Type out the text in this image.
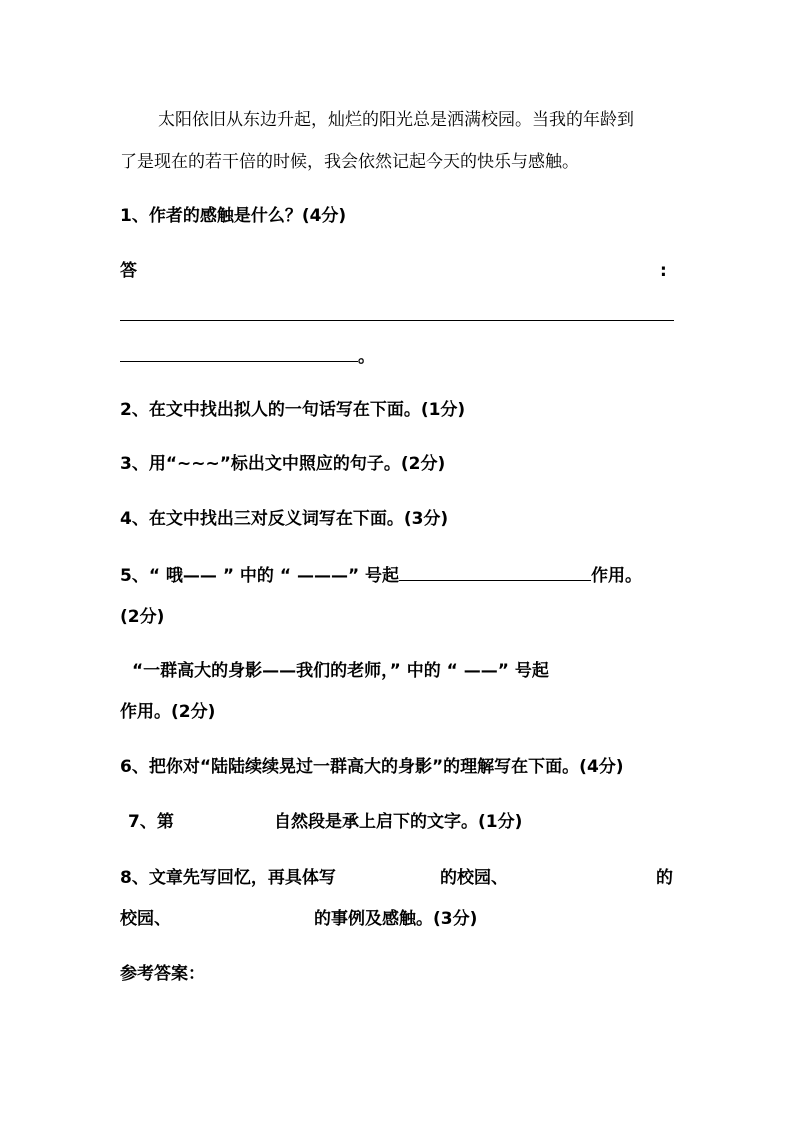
太阳依旧从东边升起，灿烂的阳光总是洒满校园。当我的年龄到
了是现在的若干倍的时候，我会依然记起今天的快乐与感触。
1、作者的感触是什么？(4分)
答	:
。
2、在文中找出拟人的一句话写在下面。(1分)
3、用“~~~”标出文中照应的句子。(2分)
4、在文中找出三对反义词写在下面。(3分)
5、“ 哦—— ” 中的 “ ———” 号起	作用。
(2分)
“一群高大的身影——我们的老师，” 中的 “ ——” 号起
作用。(2分)
6、把你对“陆陆续续晃过一群高大的身影”的理解写在下面。(4分)
7、第	自然段是承上启下的文字。(1分)
8、文章先写回忆，再具体写	的校园、	的
校园、	的事例及感触。(3分)
参考答案：
